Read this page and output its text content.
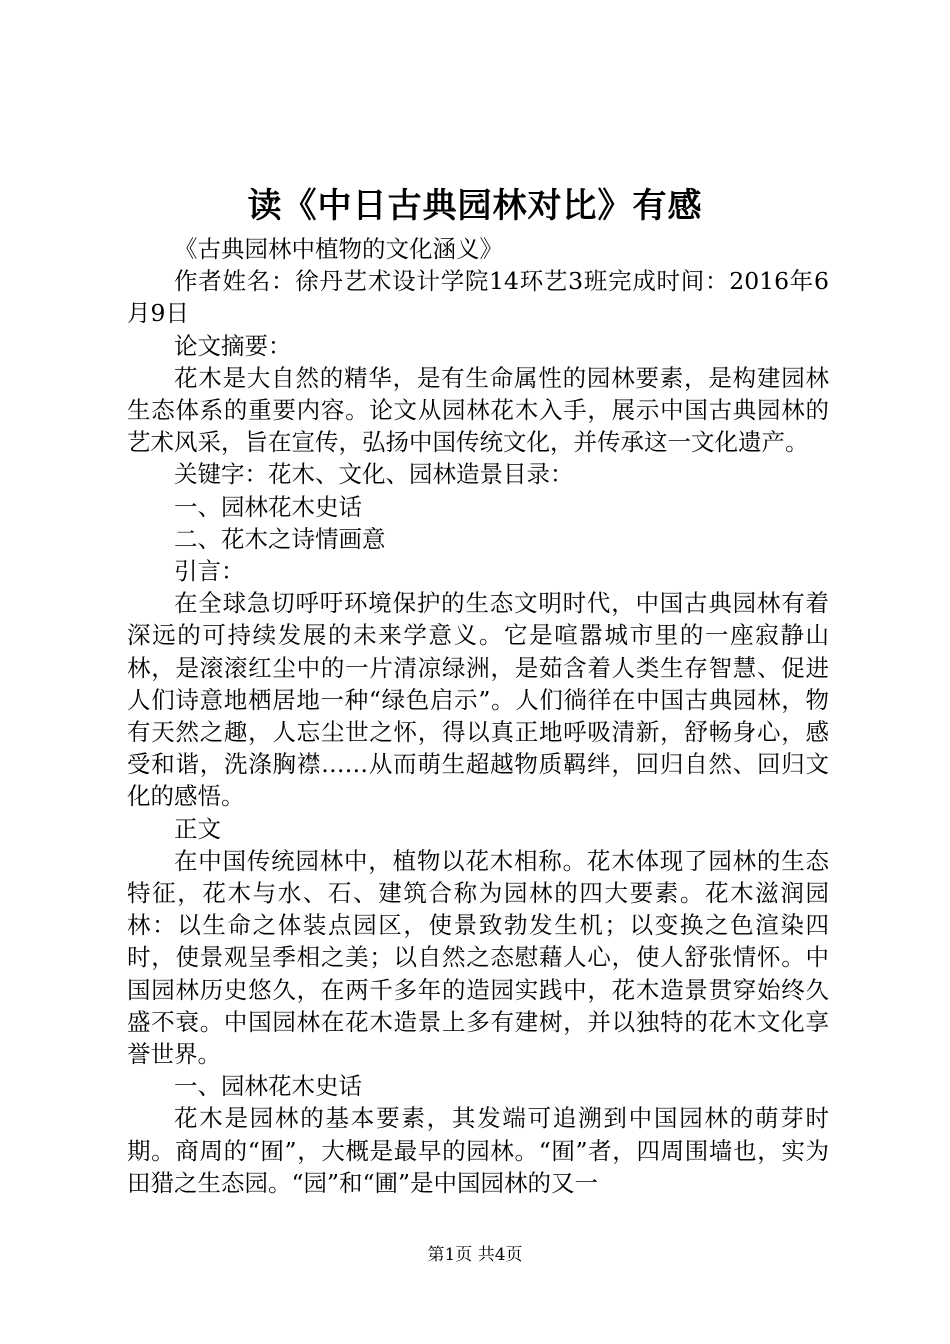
读《中日古典园林对比》有感

《古典园林中植物的文化涵义》

作者姓名：徐丹艺术设计学院14环艺3班完成时间：2016年6月9日

论文摘要：

花木是大自然的精华，是有生命属性的园林要素，是构建园林生态体系的重要内容。论文从园林花木入手，展示中国古典园林的艺术风采，旨在宣传，弘扬中国传统文化，并传承这一文化遗产。

关键字：花木、文化、园林造景目录：

一、园林花木史话

二、花木之诗情画意

引言：

在全球急切呼吁环境保护的生态文明时代，中国古典园林有着深远的可持续发展的未来学意义。它是喧嚣城市里的一座寂静山林，是滚滚红尘中的一片清凉绿洲，是茹含着人类生存智慧、促进人们诗意地栖居地一种“绿色启示”。人们徜徉在中国古典园林，物有天然之趣，人忘尘世之怀，得以真正地呼吸清新，舒畅身心，感受和谐，洗涤胸襟……从而萌生超越物质羁绊，回归自然、回归文化的感悟。

正文

在中国传统园林中，植物以花木相称。花木体现了园林的生态特征，花木与水、石、建筑合称为园林的四大要素。花木滋润园林：以生命之体装点园区，使景致勃发生机；以变换之色渲染四时，使景观呈季相之美；以自然之态慰藉人心，使人舒张情怀。中国园林历史悠久，在两千多年的造园实践中，花木造景贯穿始终久盛不衰。中国园林在花木造景上多有建树，并以独特的花木文化享誉世界。

一、园林花木史话

花木是园林的基本要素，其发端可追溯到中国园林的萌芽时期。商周的“囿”，大概是最早的园林。“囿”者，四周围墙也，实为田猎之生态园。“园”和“圃”是中国园林的又一

第1页 共4页
